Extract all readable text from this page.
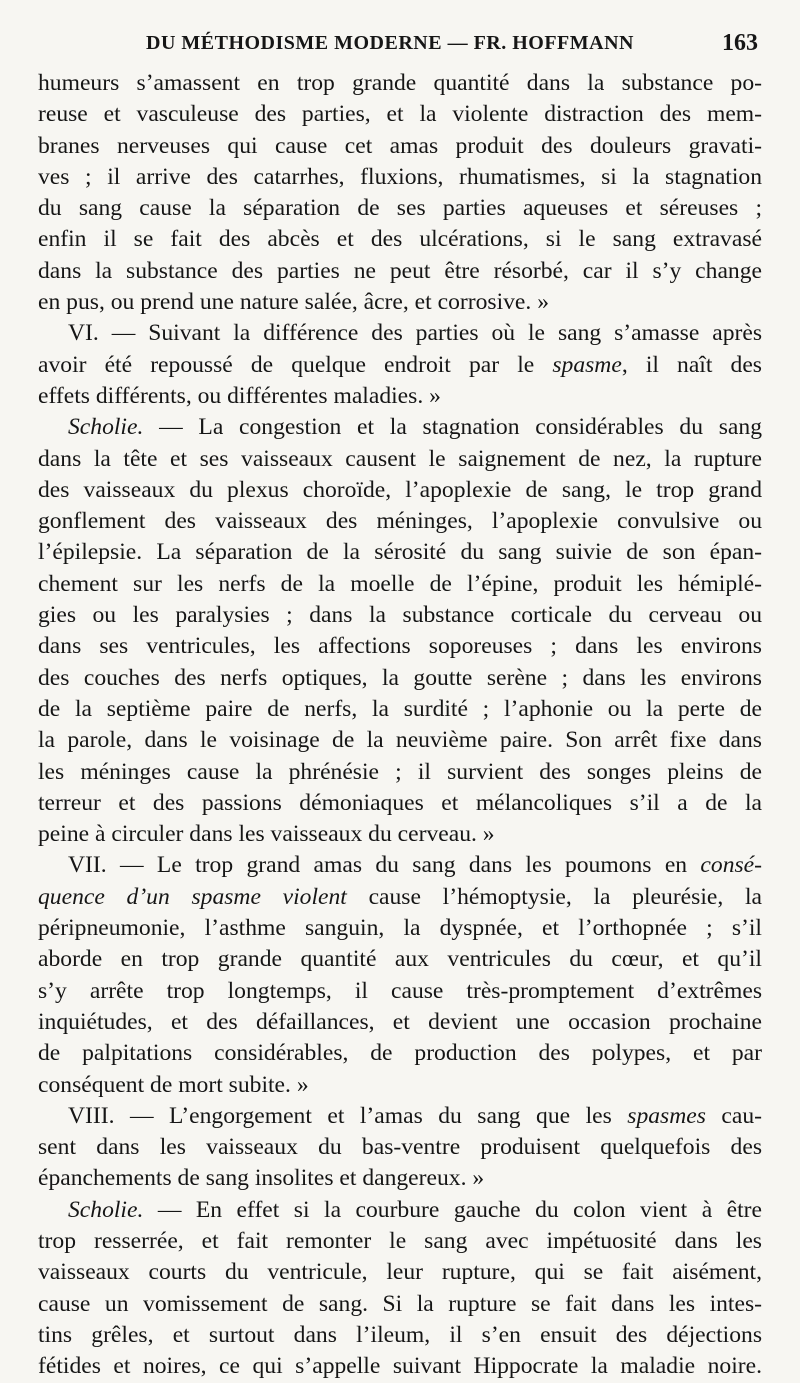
DU MÉTHODISME MODERNE — FR. HOFFMANN	163
humeurs s’amassent en trop grande quantité dans la substance po-
reuse et vasculeuse des parties, et la violente distraction des mem-
branes nerveuses qui cause cet amas produit des douleurs gravati-
ves ; il arrive des catarrhes, fluxions, rhumatismes, si la stagnation
du sang cause la séparation de ses parties aqueuses et séreuses ;
enfin il se fait des abcès et des ulcérations, si le sang extravasé
dans la substance des parties ne peut être résorbé, car il s’y change
en pus, ou prend une nature salée, âcre, et corrosive. »
VI. — Suivant la différence des parties où le sang s’amasse après
avoir été repoussé de quelque endroit par le spasme, il naît des
effets différents, ou différentes maladies. »
Scholie. — La congestion et la stagnation considérables du sang
dans la tête et ses vaisseaux causent le saignement de nez, la rupture
des vaisseaux du plexus choroïde, l’apoplexie de sang, le trop grand
gonflement des vaisseaux des méninges, l’apoplexie convulsive ou
l’épilepsie. La séparation de la sérosité du sang suivie de son épan-
chement sur les nerfs de la moelle de l’épine, produit les hémiplé-
gies ou les paralysies ; dans la substance corticale du cerveau ou
dans ses ventricules, les affections soporeuses ; dans les environs
des couches des nerfs optiques, la goutte serène ; dans les environs
de la septième paire de nerfs, la surdité ; l’aphonie ou la perte de
la parole, dans le voisinage de la neuvième paire. Son arrêt fixe dans
les méninges cause la phrénésie ; il survient des songes pleins de
terreur et des passions démoniaques et mélancoliques s’il a de la
peine à circuler dans les vaisseaux du cerveau. »
VII. — Le trop grand amas du sang dans les poumons en consé-
quence d’un spasme violent cause l’hémoptysie, la pleurésie, la
péripneumonie, l’asthme sanguin, la dyspnée, et l’orthopnée ; s’il
aborde en trop grande quantité aux ventricules du cœur, et qu’il
s’y arrête trop longtemps, il cause très-promptement d’extrêmes
inquiétudes, et des défaillances, et devient une occasion prochaine
de palpitations considérables, de production des polypes, et par
conséquent de mort subite. »
VIII. — L’engorgement et l’amas du sang que les spasmes cau-
sent dans les vaisseaux du bas-ventre produisent quelquefois des
épanchements de sang insolites et dangereux. »
Scholie. — En effet si la courbure gauche du colon vient à être
trop resserrée, et fait remonter le sang avec impétuosité dans les
vaisseaux courts du ventricule, leur rupture, qui se fait aisément,
cause un vomissement de sang. Si la rupture se fait dans les intes-
tins grêles, et surtout dans l’ileum, il s’en ensuit des déjections
fétides et noires, ce qui s’appelle suivant Hippocrate la maladie noire.
